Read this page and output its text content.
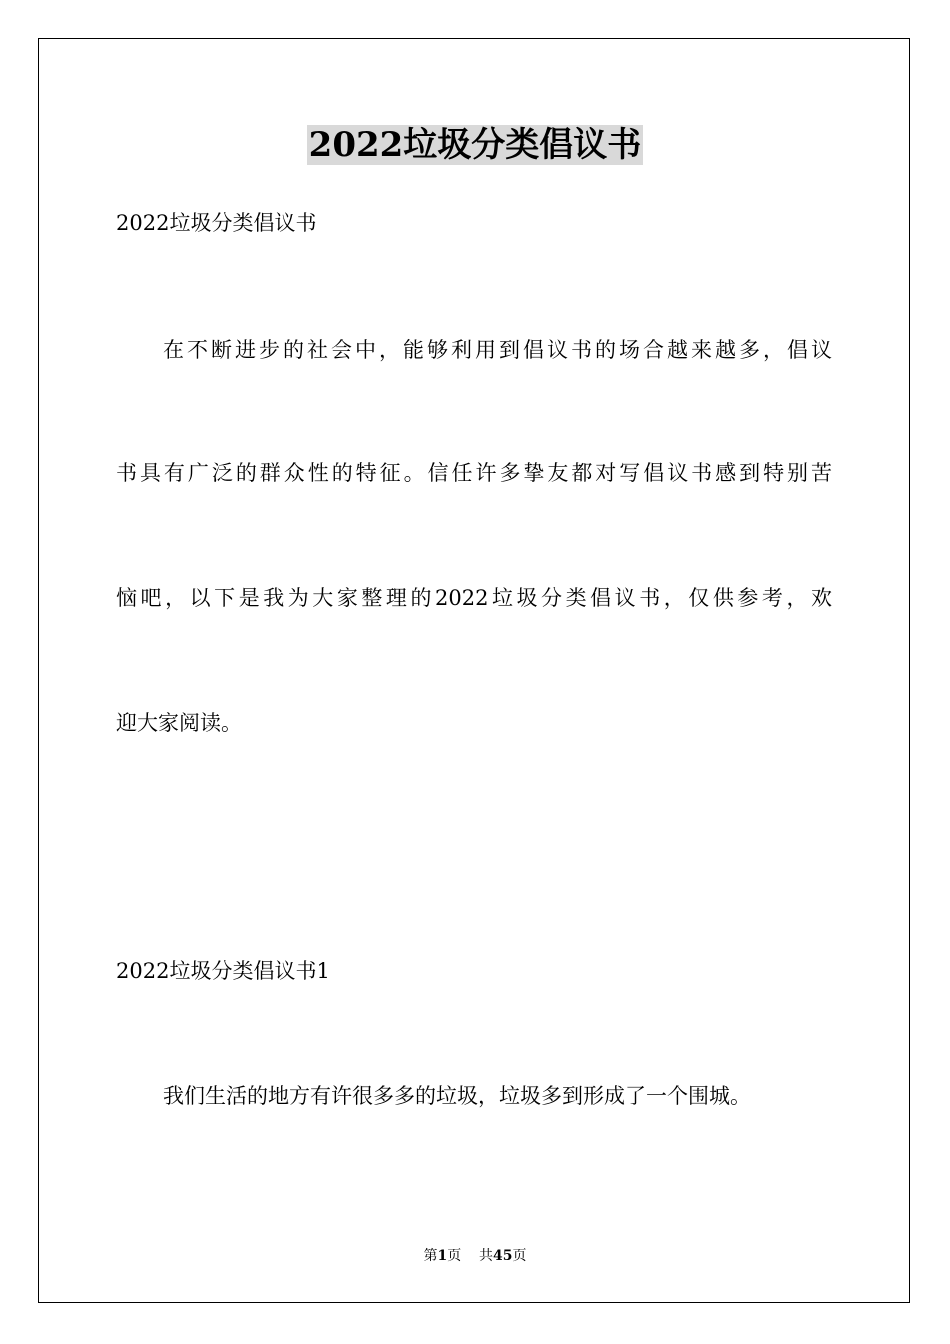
2022垃圾分类倡议书
2022垃圾分类倡议书
在不断进步的社会中，能够利用到倡议书的场合越来越多，倡议
书具有广泛的群众性的特征。信任许多挚友都对写倡议书感到特别苦
恼吧，以下是我为大家整理的2022垃圾分类倡议书，仅供参考，欢
迎大家阅读。
2022垃圾分类倡议书1
我们生活的地方有许很多多的垃圾，垃圾多到形成了一个围城。
第1页 共45页
